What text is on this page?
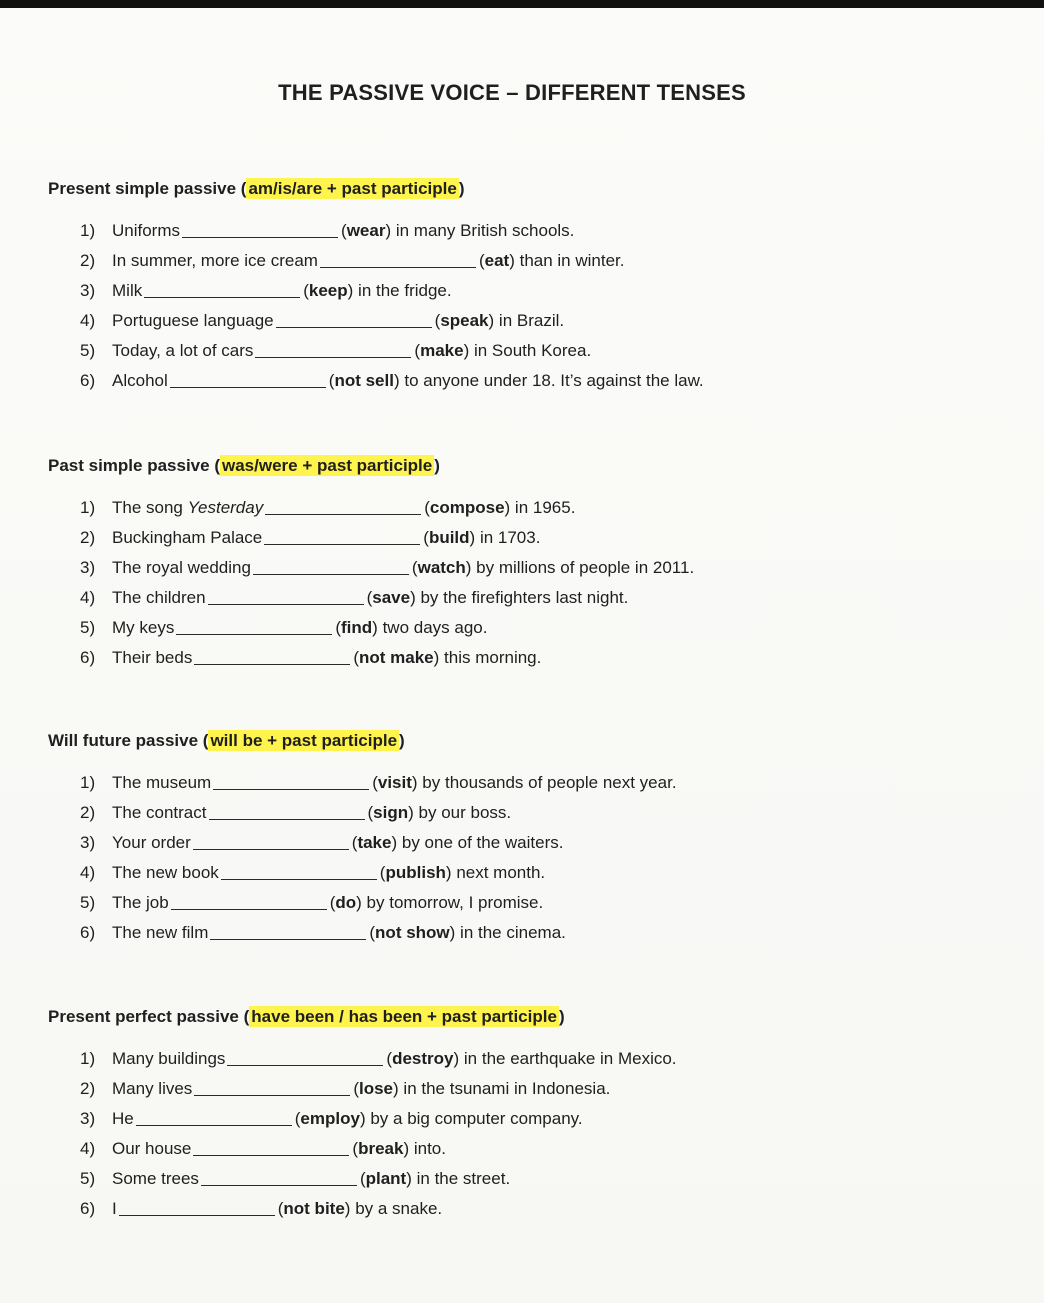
THE PASSIVE VOICE – DIFFERENT TENSES
Present simple passive ( am/is/are + past participle )
1) Uniforms	(wear) in many British schools.
2) In summer, more ice cream	(eat) than in winter.
3) Milk	(keep) in the fridge.
4) Portuguese language	(speak) in Brazil.
5) Today, a lot of cars	(make) in South Korea.
6) Alcohol	(not sell) to anyone under 18. It’s against the law.
Past simple passive ( was/were + past participle )
1) The song Yesterday	(compose) in 1965.
2) Buckingham Palace	(build) in 1703.
3) The royal wedding	(watch) by millions of people in 2011.
4) The children	(save) by the firefighters last night.
5) My keys	(find) two days ago.
6) Their beds	(not make) this morning.
Will future passive ( will be + past participle )
1) The museum	(visit) by thousands of people next year.
2) The contract	(sign) by our boss.
3) Your order	(take) by one of the waiters.
4) The new book	(publish) next month.
5) The job	(do) by tomorrow, I promise.
6) The new film	(not show) in the cinema.
Present perfect passive ( have been / has been + past participle )
1) Many buildings	(destroy) in the earthquake in Mexico.
2) Many lives	(lose) in the tsunami in Indonesia.
3) He	(employ) by a big computer company.
4) Our house	(break) into.
5) Some trees	(plant) in the street.
6) I	(not bite) by a snake.
